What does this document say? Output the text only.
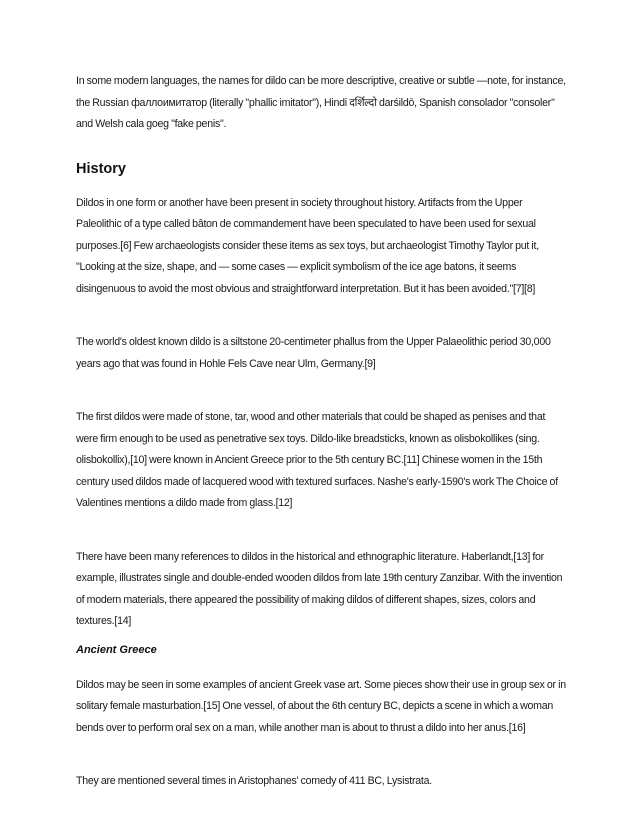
In some modern languages, the names for dildo can be more descriptive, creative or subtle —note, for instance, the Russian фаллоимитатор (literally "phallic imitator"), Hindi दर्शिल्दो darśildō, Spanish consolador "consoler" and Welsh cala goeg "fake penis".

History

Dildos in one form or another have been present in society throughout history. Artifacts from the Upper Paleolithic of a type called bâton de commandement have been speculated to have been used for sexual purposes.[6] Few archaeologists consider these items as sex toys, but archaeologist Timothy Taylor put it, "Looking at the size, shape, and — some cases — explicit symbolism of the ice age batons, it seems disingenuous to avoid the most obvious and straightforward interpretation. But it has been avoided."[7][8]

The world's oldest known dildo is a siltstone 20-centimeter phallus from the Upper Palaeolithic period 30,000 years ago that was found in Hohle Fels Cave near Ulm, Germany.[9]

The first dildos were made of stone, tar, wood and other materials that could be shaped as penises and that were firm enough to be used as penetrative sex toys. Dildo-like breadsticks, known as olisbokollikes (sing. olisbokollix),[10] were known in Ancient Greece prior to the 5th century BC.[11] Chinese women in the 15th century used dildos made of lacquered wood with textured surfaces. Nashe's early-1590's work The Choice of Valentines mentions a dildo made from glass.[12]

There have been many references to dildos in the historical and ethnographic literature. Haberlandt,[13] for example, illustrates single and double-ended wooden dildos from late 19th century Zanzibar. With the invention of modern materials, there appeared the possibility of making dildos of different shapes, sizes, colors and textures.[14]

Ancient Greece

Dildos may be seen in some examples of ancient Greek vase art. Some pieces show their use in group sex or in solitary female masturbation.[15] One vessel, of about the 6th century BC, depicts a scene in which a woman bends over to perform oral sex on a man, while another man is about to thrust a dildo into her anus.[16]

They are mentioned several times in Aristophanes' comedy of 411 BC, Lysistrata.
